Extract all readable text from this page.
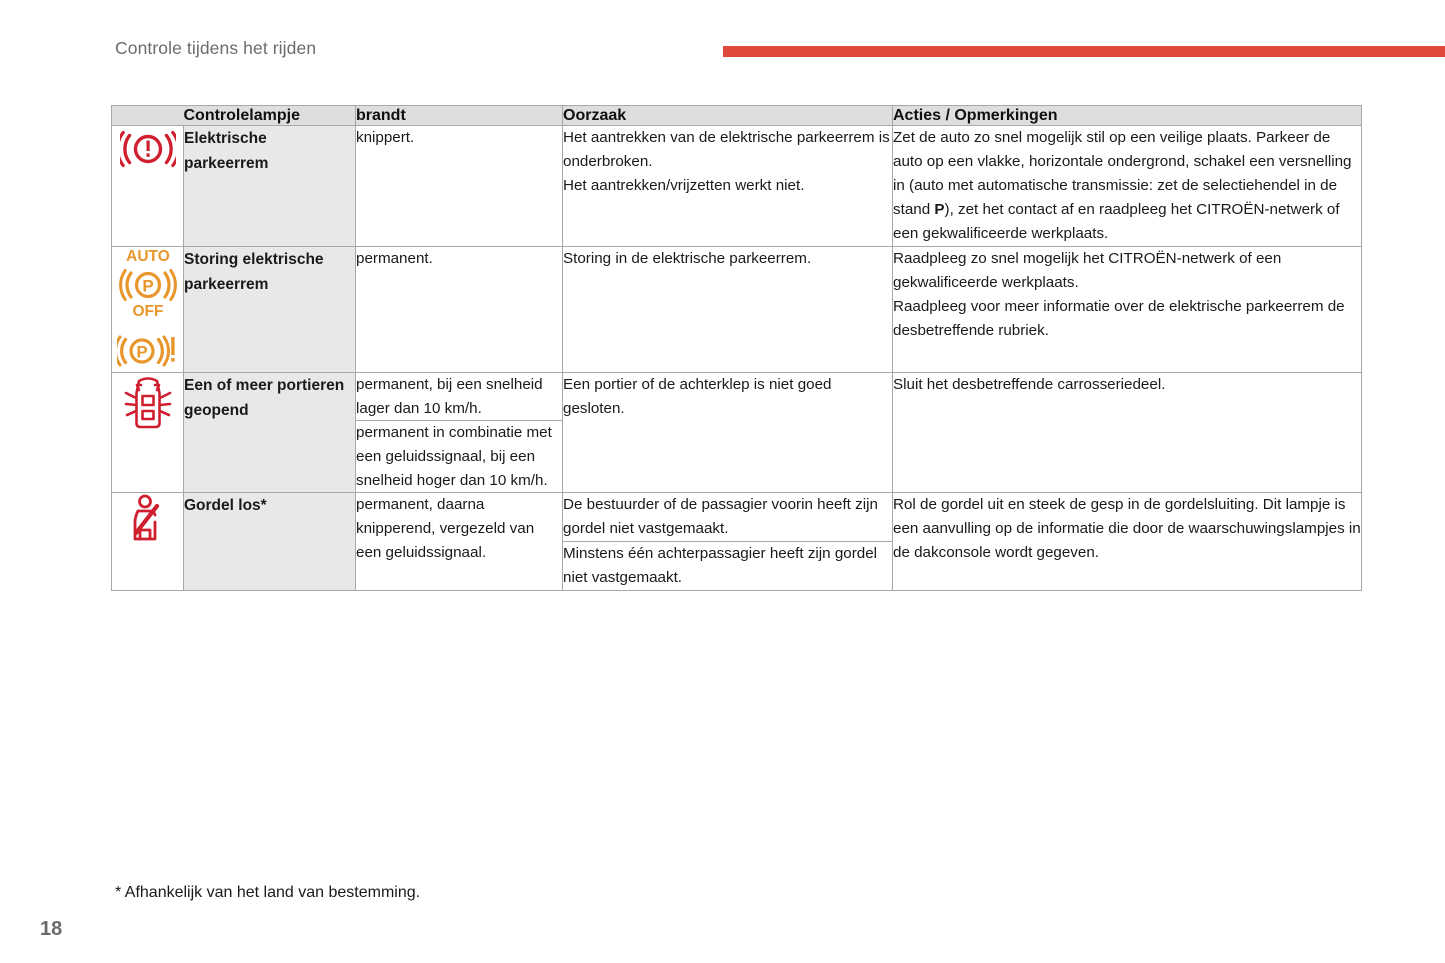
Controle tijdens het rijden
	Controlelampje	brandt	Oorzaak	Acties / Opmerkingen
	Elektrische parkeerrem	knippert.	Het aantrekken van de elektrische parkeerrem is onderbroken.
Het aantrekken/vrijzetten werkt niet.	Zet de auto zo snel mogelijk stil op een veilige plaats. Parkeer de auto op een vlakke, horizontale ondergrond, schakel een versnelling in (auto met automatische transmissie: zet de selectiehendel in de stand P), zet het contact af en raadpleeg het CITROËN-netwerk of een gekwalificeerde werkplaats.

AUTO
P
OFF
P	Storing elektrische parkeerrem	permanent.	Storing in de elektrische parkeerrem.	Raadpleeg zo snel mogelijk het CITROËN-netwerk of een gekwalificeerde werkplaats.
Raadpleeg voor meer informatie over de elektrische parkeerrem de desbetreffende rubriek.
	Een of meer portieren geopend	permanent, bij een snelheid lager dan 10 km/h.	Een portier of de achterklep is niet goed gesloten.	Sluit het desbetreffende carrosseriedeel.
		permanent in combinatie met een geluidssignaal, bij een snelheid hoger dan 10 km/h.		
	Gordel los*	permanent, daarna knipperend, vergezeld van een geluidssignaal.	De bestuurder of de passagier voorin heeft zijn gordel niet vastgemaakt.	Rol de gordel uit en steek de gesp in de gordelsluiting. Dit lampje is een aanvulling op de informatie die door de waarschuwingslampjes in de dakconsole wordt gegeven.
			Minstens één achterpassagier heeft zijn gordel niet vastgemaakt.	
* Afhankelijk van het land van bestemming.
18
